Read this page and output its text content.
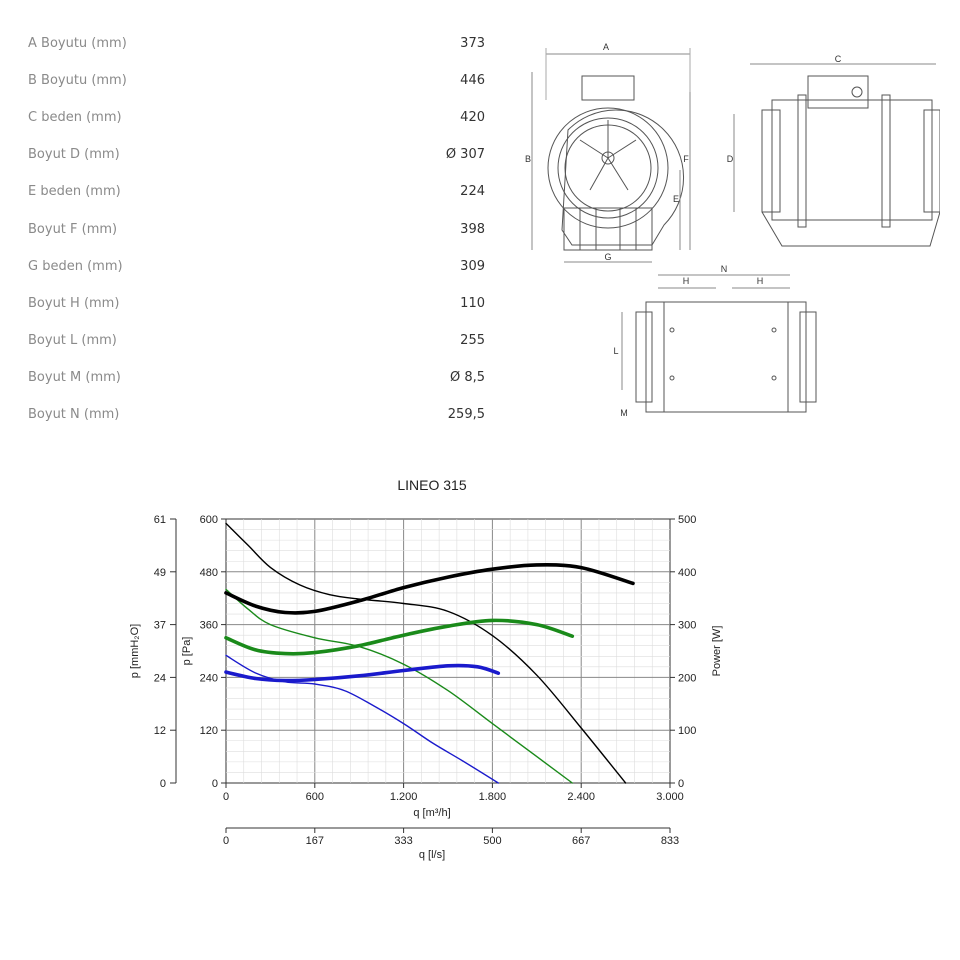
A Boyutu (mm)	373
B Boyutu (mm)	446
C beden (mm)	420
Boyut D (mm)	Ø 307
E beden (mm)	224
Boyut F (mm)	398
G beden (mm)	309
Boyut H (mm)	110
Boyut L (mm)	255
Boyut M (mm)	Ø 8,5
Boyut N (mm)	259,5
A
B
E
F
G
C
D
N
H	H
L
M
LINEO 315
0
120
240
360
480
600
0
12
24
37
49
61
0
100
200
300
400
500
0	600	1.200	1.800	2.400	3.000
0	167	333	500	667	833
q [m³/h]
q [l/s]
p [Pa]
p [mmH₂O]	Power [W]
